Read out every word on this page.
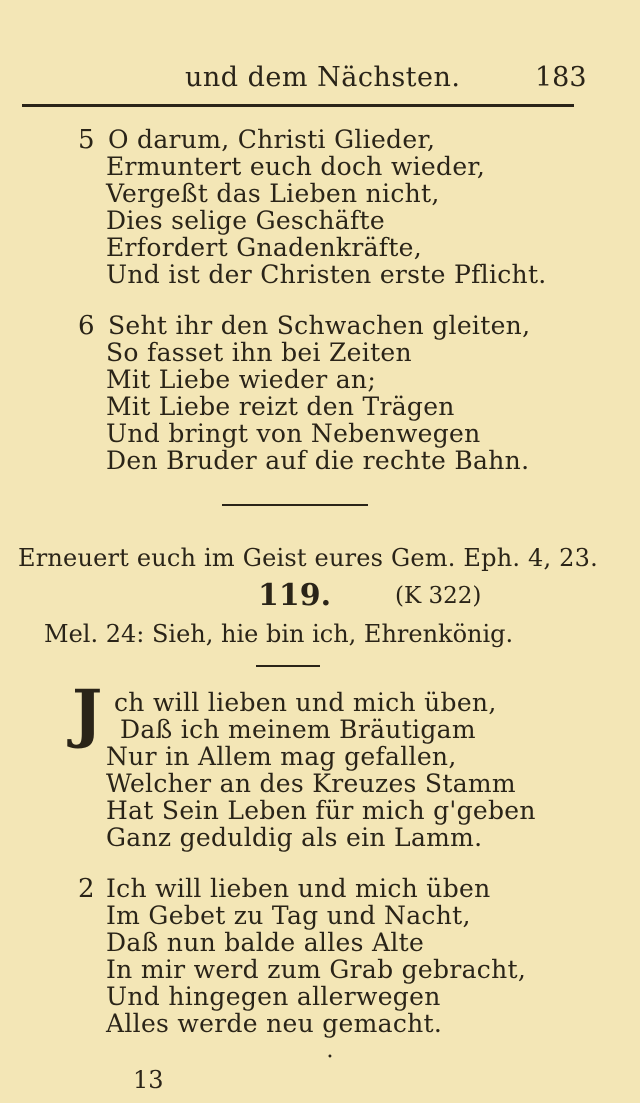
und dem Nächsten.	183
5 O darum, Christi Glieder,
Ermuntert euch doch wieder,
Vergeßt das Lieben nicht,
Dies selige Geschäfte
Erfordert Gnadenkräfte,
Und ist der Christen erste Pflicht.
6 Seht ihr den Schwachen gleiten,
So fasset ihn bei Zeiten
Mit Liebe wieder an;
Mit Liebe reizt den Trägen
Und bringt von Nebenwegen
Den Bruder auf die rechte Bahn.
Erneuert euch im Geist eures Gem. Eph. 4, 23.
119.	(K 322)
Mel. 24: Sieh, hie bin ich, Ehrenkönig.
J ch will lieben und mich üben,
Daß ich meinem Bräutigam
Nur in Allem mag gefallen,
Welcher an des Kreuzes Stamm
Hat Sein Leben für mich g'geben
Ganz geduldig als ein Lamm.
2 Ich will lieben und mich üben
Im Gebet zu Tag und Nacht,
Daß nun balde alles Alte
In mir werd zum Grab gebracht,
Und hingegen allerwegen
Alles werde neu gemacht.
•
13
